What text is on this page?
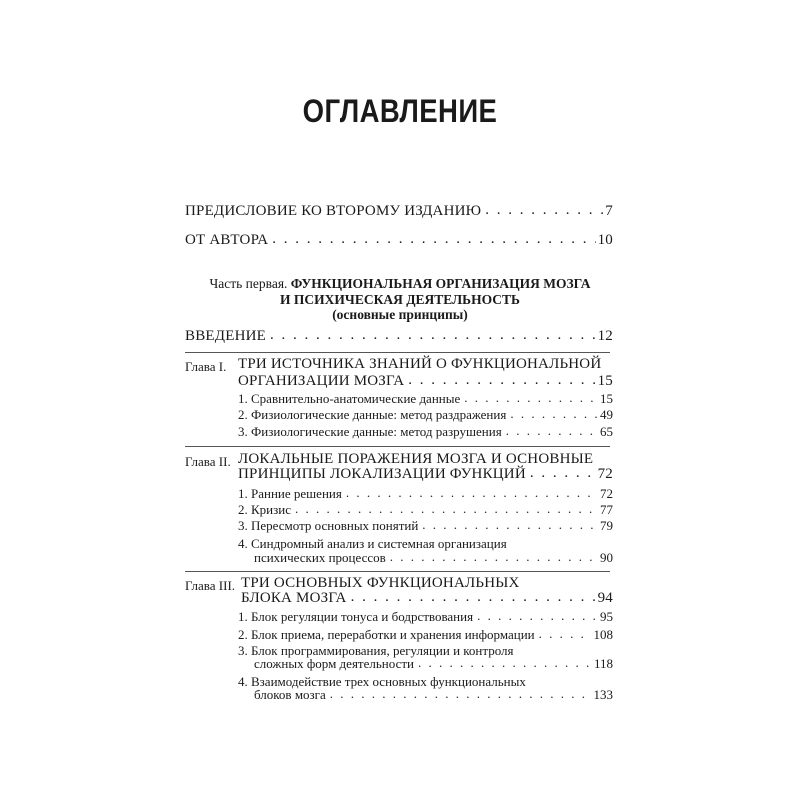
ОГЛАВЛЕНИЕ
ПРЕДИСЛОВИЕ КО ВТОРОМУ ИЗДАНИЮ . . .	7
ОТ АВТОРА . . .	10
Часть первая. ФУНКЦИОНАЛЬНАЯ ОРГАНИЗАЦИЯ МОЗГА
И ПСИХИЧЕСКАЯ ДЕЯТЕЛЬНОСТЬ
(основные принципы)
ВВЕДЕНИЕ . . .	12
Глава I. ТРИ ИСТОЧНИКА ЗНАНИЙ О ФУНКЦИОНАЛЬНОЙ
ОРГАНИЗАЦИИ МОЗГА . . .	15
1. Сравнительно-анатомические данные . . .	15
2. Физиологические данные: метод раздражения . . .	49
3. Физиологические данные: метод разрушения . . .	65
Глава II. ЛОКАЛЬНЫЕ ПОРАЖЕНИЯ МОЗГА И ОСНОВНЫЕ
ПРИНЦИПЫ ЛОКАЛИЗАЦИИ ФУНКЦИЙ . . .	72
1. Ранние решения . . .	72
2. Кризис . . .	77
3. Пересмотр основных понятий . . .	79
4. Синдромный анализ и системная организация
психических процессов . . .	90
Глава III. ТРИ ОСНОВНЫХ ФУНКЦИОНАЛЬНЫХ
БЛОКА МОЗГА . . .	94
1. Блок регуляции тонуса и бодрствования . . .	95
2. Блок приема, переработки и хранения информации . . .	108
3. Блок программирования, регуляции и контроля
сложных форм деятельности . . .	118
4. Взаимодействие трех основных функциональных
блоков мозга . . .	133
